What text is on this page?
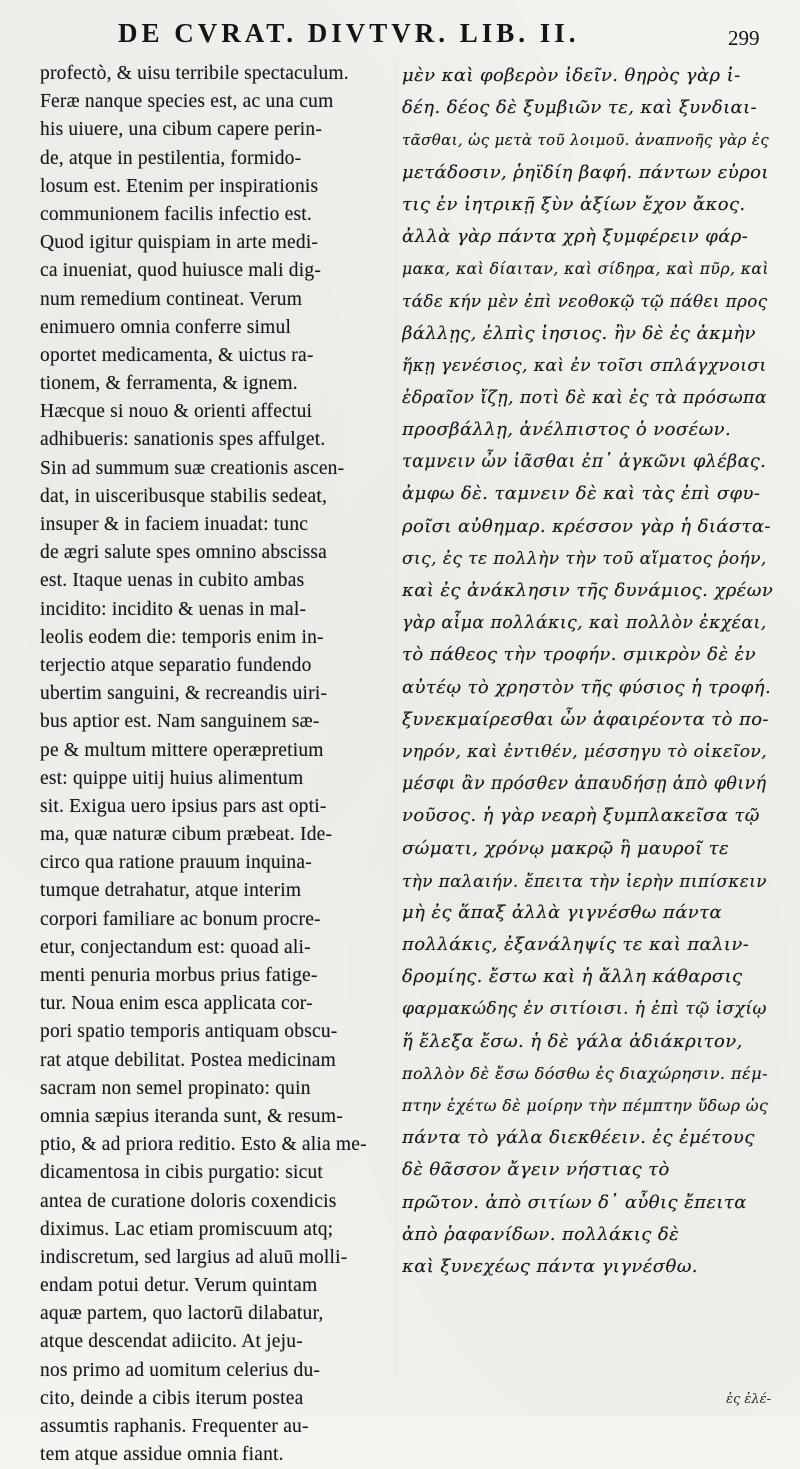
DE CVRAT. DIVTVR. LIB. II.	299
profectò, & uisu terribile spectaculum.
Feræ nanque species est, ac una cum
his uiuere, una cibum capere perin-
de, atque in pestilentia, formido-
losum est. Etenim per inspirationis
communionem facilis infectio est.
Quod igitur quispiam in arte medi-
ca inueniat, quod huiusce mali dig-
num remedium contineat. Verum
enimuero omnia conferre simul
oportet medicamenta, & uictus ra-
tionem, & ferramenta, & ignem.
Hæcque si nouo & orienti affectui
adhibueris: sanationis spes affulget.
Sin ad summum suæ creationis ascen-
dat, in uisceribusque stabilis sedeat,
insuper & in faciem inuadat: tunc
de ægri salute spes omnino abscissa
est. Itaque uenas in cubito ambas
incidito: incidito & uenas in mal-
leolis eodem die: temporis enim in-
terjectio atque separatio fundendo
ubertim sanguini, & recreandis uiri-
bus aptior est. Nam sanguinem sæ-
pe & multum mittere operæpretium
est: quippe uitij huius alimentum
sit. Exigua uero ipsius pars ast opti-
ma, quæ naturæ cibum præbeat. Ide-
circo qua ratione prauum inquina-
tumque detrahatur, atque interim
corpori familiare ac bonum procre-
etur, conjectandum est: quoad ali-
menti penuria morbus prius fatige-
tur. Noua enim esca applicata cor-
pori spatio temporis antiquam obscu-
rat atque debilitat. Postea medicinam
sacram non semel propinato: quin
omnia sæpius iteranda sunt, & resum-
ptio, & ad priora reditio. Esto & alia me-
dicamentosa in cibis purgatio: sicut
antea de curatione doloris coxendicis
diximus. Lac etiam promiscuum atq;
indiscretum, sed largius ad aluū molli-
endam potui detur. Verum quintam
aquæ partem, quo lactorū dilabatur,
atque descendat adiicito. At jeju-
nos primo ad uomitum celerius du-
cito, deinde a cibis iterum postea
assumtis raphanis. Frequenter au-
tem atque assidue omnia fiant.
μὲν καὶ φοβερὸν ἰδεῖν. θηρὸς γὰρ ἰ-
δέη. δέος δὲ ξυμβιῶν τε, καὶ ξυνδιαι-
τᾶσθαι, ὡς μετὰ τοῦ λοιμοῦ. ἀναπνοῆς γὰρ ἐς
μετάδοσιν, ῥηϊδίη βαφή. πάντων εὑροι
τις ἐν ἰητρικῇ ξὺν ἀξίων ἔχον ἄκος.
ἀλλὰ γὰρ πάντα χρὴ ξυμφέρειν φάρ-
μακα, καὶ δίαιταν, καὶ σίδηρα, καὶ πῦρ, καὶ
τάδε κήν μὲν ἐπὶ νεοθοκῷ τῷ πάθει προς
βάλλῃς, ἐλπὶς ἰησιος. ἢν δὲ ἐς ἀκμὴν
ἥκῃ γενέσιος, καὶ ἐν τοῖσι σπλάγχνοισι
ἑδραῖον ἴζῃ, ποτὶ δὲ καὶ ἐς τὰ πρόσωπα
προσβάλλῃ, ἀνέλπιστος ὁ νοσέων.
ταμνειν ὦν ἰᾶσθαι ἐπ᾽ ἀγκῶνι φλέβας.
ἀμφω δὲ. ταμνειν δὲ καὶ τὰς ἐπὶ σφυ-
ροῖσι αὐθημαρ. κρέσσον γὰρ ἡ διάστα-
σις, ἐς τε πολλὴν τὴν τοῦ αἵματος ῥοήν,
καὶ ἐς ἀνάκλησιν τῆς δυνάμιος. χρέων
γὰρ αἷμα πολλάκις, καὶ πολλὸν ἐκχέαι,
τὸ πάθεος τὴν τροφήν. σμικρὸν δὲ ἐν
αὐτέῳ τὸ χρηστὸν τῆς φύσιος ἡ τροφή.
ξυνεκμαίρεσθαι ὦν ἀφαιρέοντα τὸ πο-
νηρόν, καὶ ἐντιθέν, μέσσηγυ τὸ οἰκεῖον,
μέσφι ἂν πρόσθεν ἀπαυδήσῃ ἀπὸ φθινή
νοῦσος. ἡ γὰρ νεαρὴ ξυμπλακεῖσα τῷ
σώματι, χρόνῳ μακρῷ ἣ μαυροῖ τε
τὴν παλαιήν. ἔπειτα τὴν ἱερὴν πιπίσκειν
μὴ ἐς ἅπαξ ἀλλὰ γιγνέσθω πάντα
πολλάκις, ἐξανάληψίς τε καὶ παλιν-
δρομίης. ἔστω καὶ ἡ ἄλλη κάθαρσις
φαρμακώδης ἐν σιτίοισι. ἡ ἐπὶ τῷ ἰσχίῳ
ἥ ἔλεξα ἔσω. ἡ δὲ γάλα ἀδιάκριτον,
πολλὸν δὲ ἔσω δόσθω ἐς διαχώρησιν. πέμ-
πτην ἐχέτω δὲ μοίρην τὴν πέμπτην ὕδωρ ὡς
πάντα τὸ γάλα διεκθέειν. ἐς ἐμέτους
δὲ θᾶσσον ἄγειν νήστιας τὸ
πρῶτον. ἀπὸ σιτίων δ᾽ αὖθις ἔπειτα
ἀπὸ ῥαφανίδων. πολλάκις δὲ
καὶ ξυνεχέως πάντα γιγνέσθω.
ἐς ἐλέ-
